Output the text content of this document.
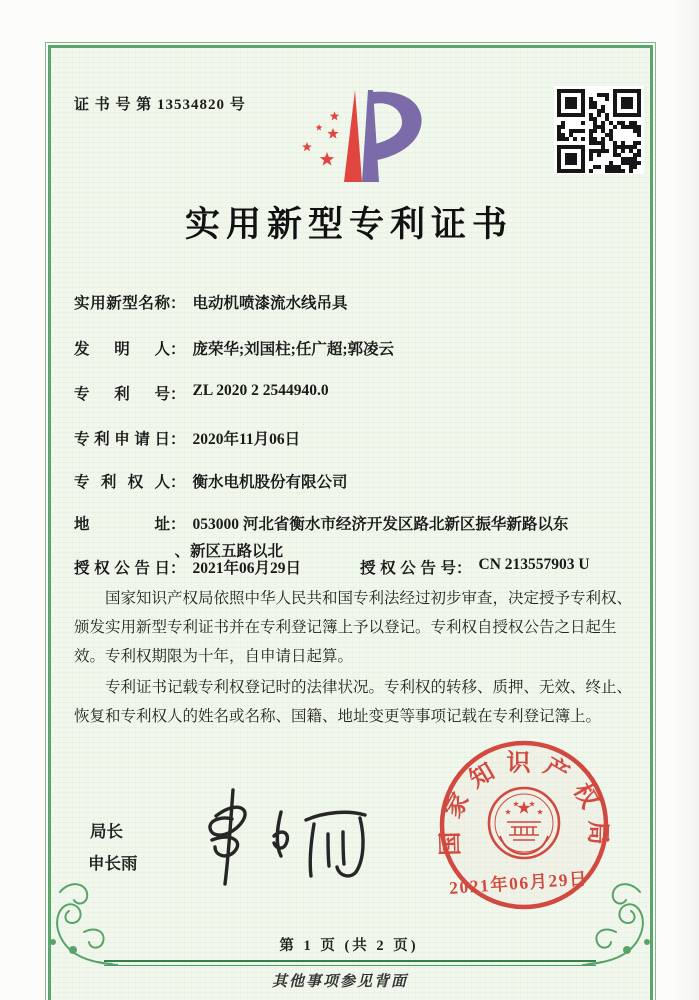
证 书 号 第 13534820 号
实用新型专利证书
实用新型名称： 电动机喷漆流水线吊具
发明人： 庞荣华;刘国柱;任广超;郭凌云
专利号： ZL 2020 2 2544940.0
专利申请日： 2020年11月06日
专利权人： 衡水电机股份有限公司
地址： 053000 河北省衡水市经济开发区路北新区振华新路以东
、新区五路以北
授权公告日： 2021年06月29日	授权公告号： CN 213557903 U

国家知识产权局依照中华人民共和国专利法经过初步审查，决定授予专利权、颁发实用新型专利证书并在专利登记簿上予以登记。专利权自授权公告之日起生效。专利权期限为十年，自申请日起算。

专利证书记载专利权登记时的法律状况。专利权的转移、质押、无效、终止、恢复和专利权人的姓名或名称、国籍、地址变更等事项记载在专利登记簿上。

局长
申长雨
国家知识产权局
2021年06月29日
第 1 页 (共 2 页)
其他事项参见背面
